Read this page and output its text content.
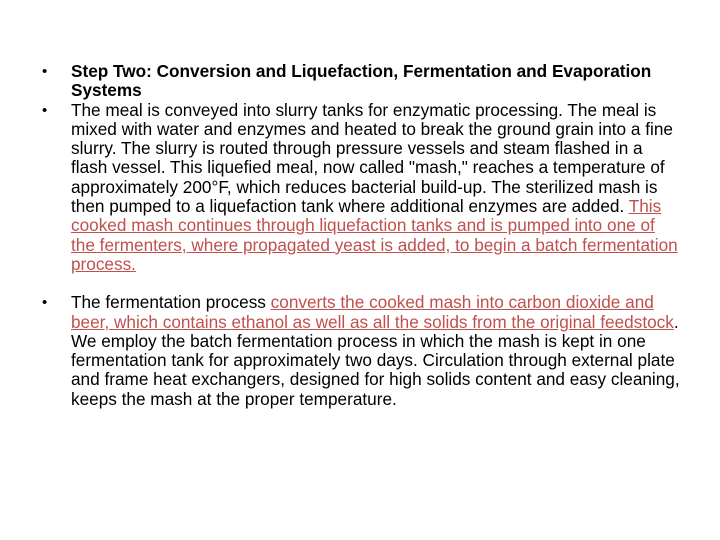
• Step Two: Conversion and Liquefaction, Fermentation and Evaporation Systems
• The meal is conveyed into slurry tanks for enzymatic processing. The meal is mixed with water and enzymes and heated to break the ground grain into a fine slurry. The slurry is routed through pressure vessels and steam flashed in a flash vessel. This liquefied meal, now called "mash," reaches a temperature of approximately 200°F, which reduces bacterial build-up. The sterilized mash is then pumped to a liquefaction tank where additional enzymes are added. This cooked mash continues through liquefaction tanks and is pumped into one of the fermenters, where propagated yeast is added, to begin a batch fermentation process.
• The fermentation process converts the cooked mash into carbon dioxide and beer, which contains ethanol as well as all the solids from the original feedstock. We employ the batch fermentation process in which the mash is kept in one fermentation tank for approximately two days. Circulation through external plate and frame heat exchangers, designed for high solids content and easy cleaning, keeps the mash at the proper temperature.
